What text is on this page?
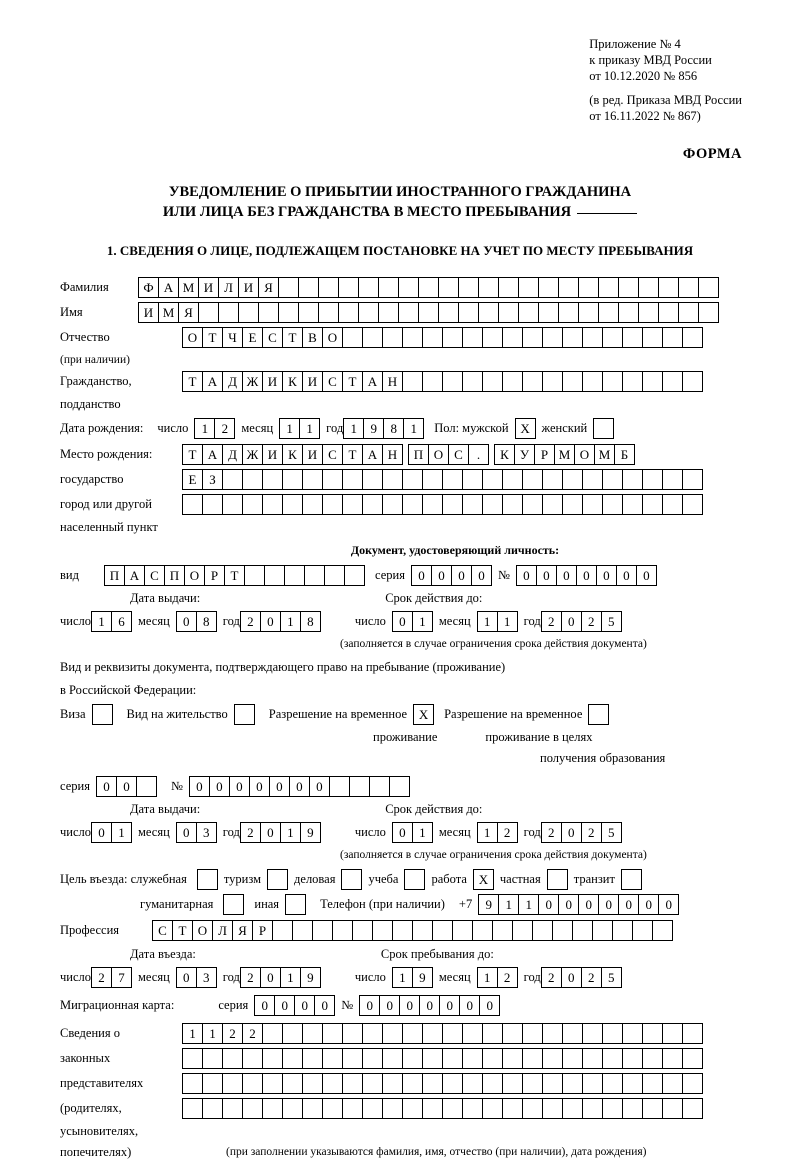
Приложение № 4
к приказу МВД России
от 10.12.2020 № 856
(в ред. Приказа МВД России
от 16.11.2022 № 867)
ФОРМА
УВЕДОМЛЕНИЕ О ПРИБЫТИИ ИНОСТРАННОГО ГРАЖДАНИНА
ИЛИ ЛИЦА БЕЗ ГРАЖДАНСТВА В МЕСТО ПРЕБЫВАНИЯ
1. СВЕДЕНИЯ О ЛИЦЕ, ПОДЛЕЖАЩЕМ ПОСТАНОВКЕ НА УЧЕТ ПО МЕСТУ ПРЕБЫВАНИЯ
Фамилия	Ф А М И Л И Я
Имя	И М Я
Отчество	О Т Ч Е С Т В О
(при наличии)
Гражданство,	Т А Д Ж И К И С Т А Н
подданство
Дата рождения: число	1	2	месяц	1	1	год 1	9	8	1	Пол: мужской X женский
Место рождения:	Т А Д Ж И К И С Т А Н	П О С	.	К У Р М О М Б
государство	Е З
город или другой
населенный пункт
Документ, удостоверяющий личность:
вид	П А С П О Р Т	серия	0	0	0	0	№	0	0	0	0	0	0	0
Дата выдачи:	Срок действия до:
число 1	6	месяц	0	8	год 2	0	1	8	число	0	1	месяц	1	1	год 2	0	2	5
(заполняется в случае ограничения срока действия документа)
Вид и реквизиты документа, подтверждающего право на пребывание (проживание)
в Российской Федерации:
Виза	Вид на жительство	Разрешение на временное X	Разрешение на временное
проживание	проживание в целях
получения образования
серия	0	0	№	0	0	0	0	0	0	0
Дата выдачи:	Срок действия до:
число 0	1	месяц	0	3	год 2	0	1	9	число	0	1	месяц	1	2	год 2	0	2	5
(заполняется в случае ограничения срока действия документа)
Цель въезда: служебная	туризм	деловая	учеба	работа X частная	транзит
гуманитарная	иная	Телефон (при наличии) +7	9	1	1	0	0	0	0	0	0	0
Профессия	С Т О Л Я Р
Дата въезда:	Срок пребывания до:
число 2	7	месяц	0	3	год 2	0	1	9	число	1	9	месяц	1	2	год 2	0	2	5
Миграционная карта:	серия	0	0	0	0	№	0	0	0	0	0	0	0
Сведения о	1	1	2	2
законных
представителях
(родителях,
усыновителях,
попечителях)	(при заполнении указываются фамилия, имя, отчество (при наличии), дата рождения)
